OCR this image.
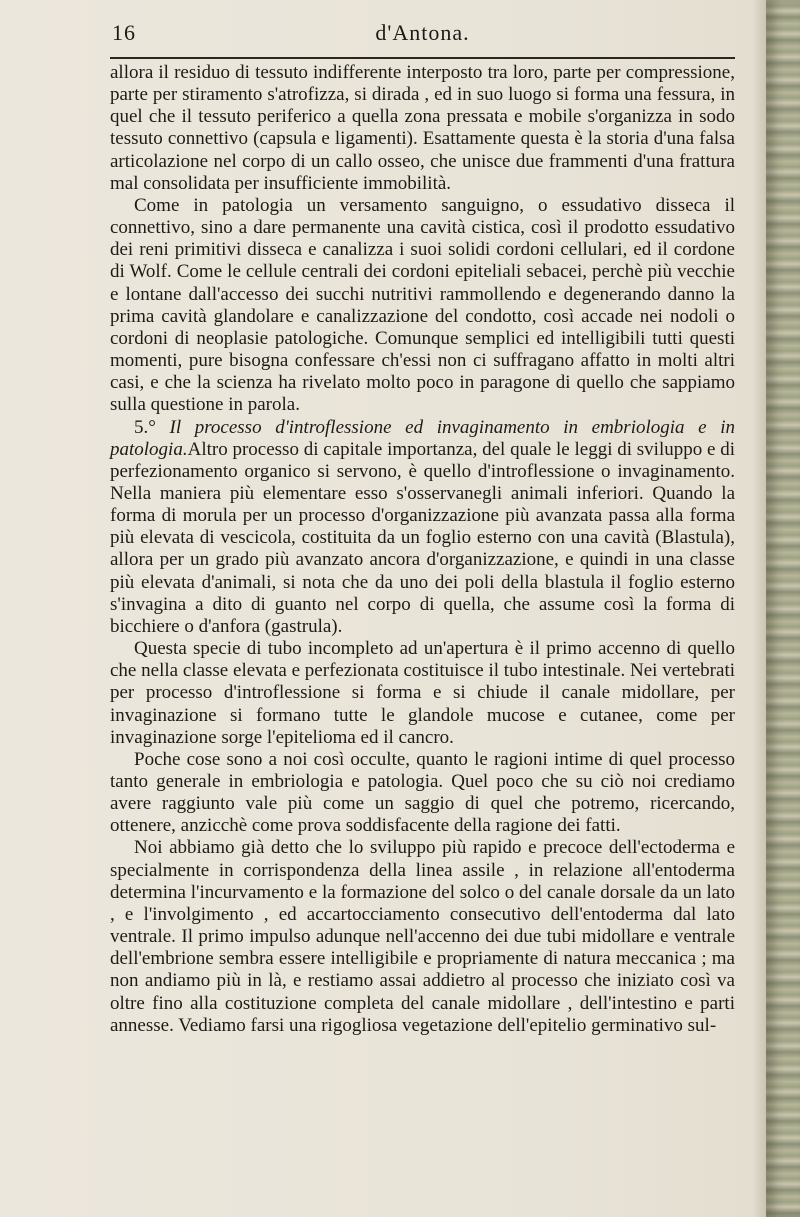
16	d'Antona.

allora il residuo di tessuto indifferente interposto tra loro, parte per compressione, parte per stiramento s'atrofizza, si dirada , ed in suo luogo si forma una fessura, in quel che il tessuto periferico a quella zona pressata e mobile s'organizza in sodo tessuto connettivo (capsula e ligamenti). Esattamente questa è la storia d'una falsa articolazione nel corpo di un callo osseo, che unisce due frammenti d'una frattura mal consolidata per insufficiente immobilità.

Come in patologia un versamento sanguigno, o essudativo disseca il connettivo, sino a dare permanente una cavità cistica, così il prodotto essudativo dei reni primitivi disseca e canalizza i suoi solidi cordoni cellulari, ed il cordone di Wolf. Come le cellule centrali dei cordoni epiteliali sebacei, perchè più vecchie e lontane dall'accesso dei succhi nutritivi rammollendo e degenerando danno la prima cavità glandolare e canalizzazione del condotto, così accade nei nodoli o cordoni di neoplasie patologiche. Comunque semplici ed intelligibili tutti questi momenti, pure bisogna confessare ch'essi non ci suffragano affatto in molti altri casi, e che la scienza ha rivelato molto poco in paragone di quello che sappiamo sulla questione in parola.

5.° Il processo d'introflessione ed invaginamento in embriologia e in patologia.Altro processo di capitale importanza, del quale le leggi di sviluppo e di perfezionamento organico si servono, è quello d'introflessione o invaginamento. Nella maniera più elementare esso s'osservanegli animali inferiori. Quando la forma di morula per un processo d'organizzazione più avanzata passa alla forma più elevata di vescicola, costituita da un foglio esterno con una cavità (Blastula), allora per un grado più avanzato ancora d'organizzazione, e quindi in una classe più elevata d'animali, si nota che da uno dei poli della blastula il foglio esterno s'invagina a dito di guanto nel corpo di quella, che assume così la forma di bicchiere o d'anfora (gastrula).

Questa specie di tubo incompleto ad un'apertura è il primo accenno di quello che nella classe elevata e perfezionata costituisce il tubo intestinale. Nei vertebrati per processo d'introflessione si forma e si chiude il canale midollare, per invaginazione si formano tutte le glandole mucose e cutanee, come per invaginazione sorge l'epitelioma ed il cancro.

Poche cose sono a noi così occulte, quanto le ragioni intime di quel processo tanto generale in embriologia e patologia. Quel poco che su ciò noi crediamo avere raggiunto vale più come un saggio di quel che potremo, ricercando, ottenere, anzicchè come prova soddisfacente della ragione dei fatti.

Noi abbiamo già detto che lo sviluppo più rapido e precoce dell'ectoderma e specialmente in corrispondenza della linea assile , in relazione all'entoderma determina l'incurvamento e la formazione del solco o del canale dorsale da un lato , e l'involgimento , ed accartocciamento consecutivo dell'entoderma dal lato ventrale. Il primo impulso adunque nell'accenno dei due tubi midollare e ventrale dell'embrione sembra essere intelligibile e propriamente di natura meccanica ; ma non andiamo più in là, e restiamo assai addietro al processo che iniziato così va oltre fino alla costituzione completa del canale midollare , dell'intestino e parti annesse. Vediamo farsi una rigogliosa vegetazione dell'epitelio germinativo sul-
